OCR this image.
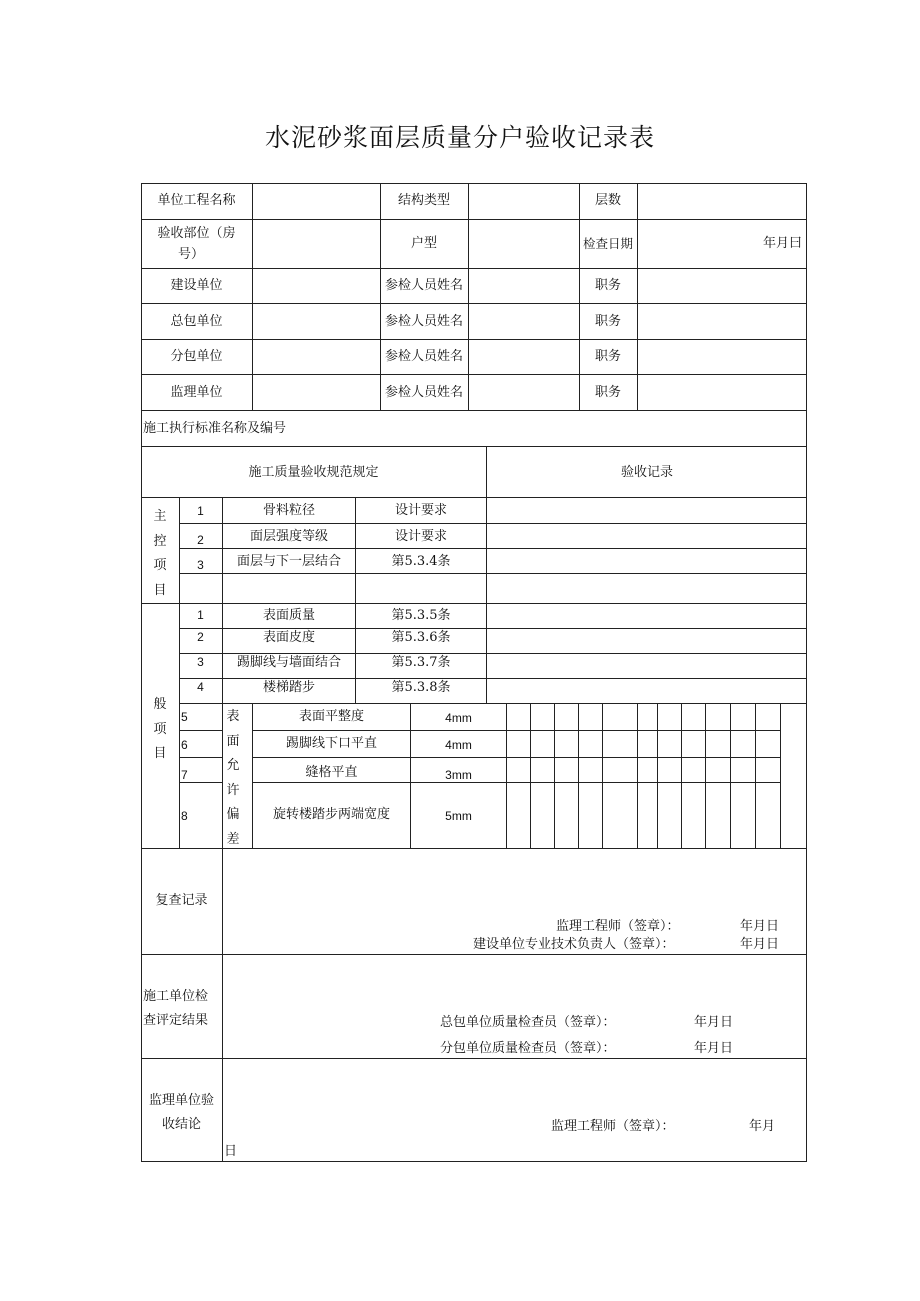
水泥砂浆面层质量分户验收记录表
单位工程名称	结构类型	层数
验收部位（房
号）
户型	检查日期	年月曰
建设单位	参检人员姓名	职务
总包单位	参检人员姓名	职务
分包单位	参检人员姓名	职务
监理单位	参检人员姓名	职务
施工执行标准名称及编号
施工质量验收规范规定	验收记录
主
控
项
目
1	骨料粒径	设计要求
2	面层强度等级	设计要求
3	面层与下一层结合	第5.3.4条
般
项
目
1	表面质量	第5.3.5条
2	表面皮度	第5.3.6条
3	踢脚线与墙面结合	第5.3.7条
4	楼梯踏步	第5.3.8条
表
面
允
许
偏
差
5	表面平整度	4mm
6	踢脚线下口平直	4mm
7	缝格平直	3mm
8	旋转楼踏步两端宽度	5mm
复查记录
监理工程师（签章）：	年月日
建设单位专业技术负责人（签章）：	年月日
施工单位检
查评定结果	总包单位质量检查员（签章）：	年月日
分包单位质量检查员（签章）：	年月日
监理单位验
收结论	监理工程师（签章）：	年月
日
